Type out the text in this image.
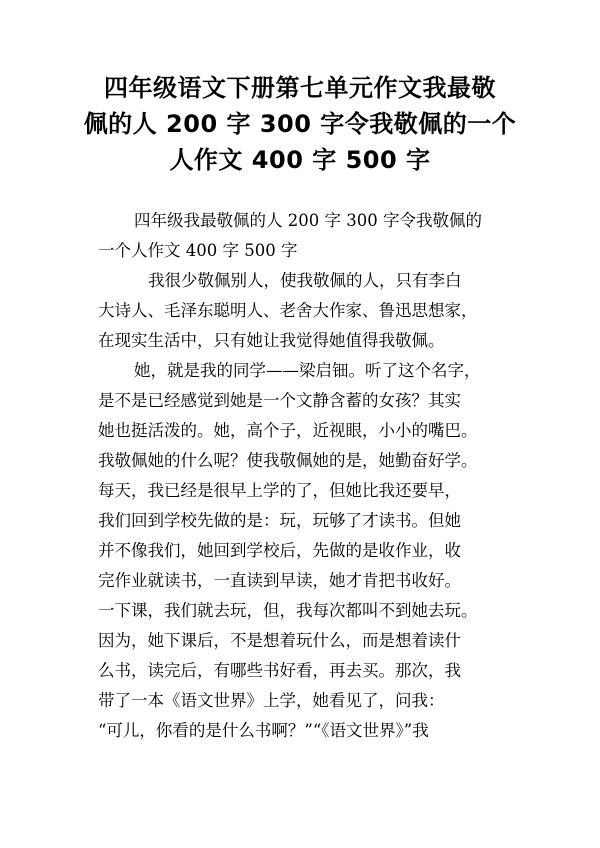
四年级语文下册第七单元作文我最敬
佩的人 200 字 300 字令我敬佩的一个
人作文 400 字 500 字

四年级我最敬佩的人 200 字 300 字令我敬佩的
一个人作文 400 字 500 字

我很少敬佩别人，使我敬佩的人，只有李白
大诗人、毛泽东聪明人、老舍大作家、鲁迅思想家，
在现实生活中，只有她让我觉得她值得我敬佩。

她，就是我的同学——梁启钿。听了这个名字，
是不是已经感觉到她是一个文静含蓄的女孩？其实
她也挺活泼的。她，高个子，近视眼，小小的嘴巴。
我敬佩她的什么呢？使我敬佩她的是，她勤奋好学。
每天，我已经是很早上学的了，但她比我还要早，
我们回到学校先做的是：玩，玩够了才读书。但她
并不像我们，她回到学校后，先做的是收作业，收
完作业就读书，一直读到早读，她才肯把书收好。
一下课，我们就去玩，但，我每次都叫不到她去玩。
因为，她下课后，不是想着玩什么，而是想着读什
么书，读完后，有哪些书好看，再去买。那次，我
带了一本《语文世界》上学，她看见了，问我：
“可儿，你看的是什么书啊？”“《语文世界》”我
